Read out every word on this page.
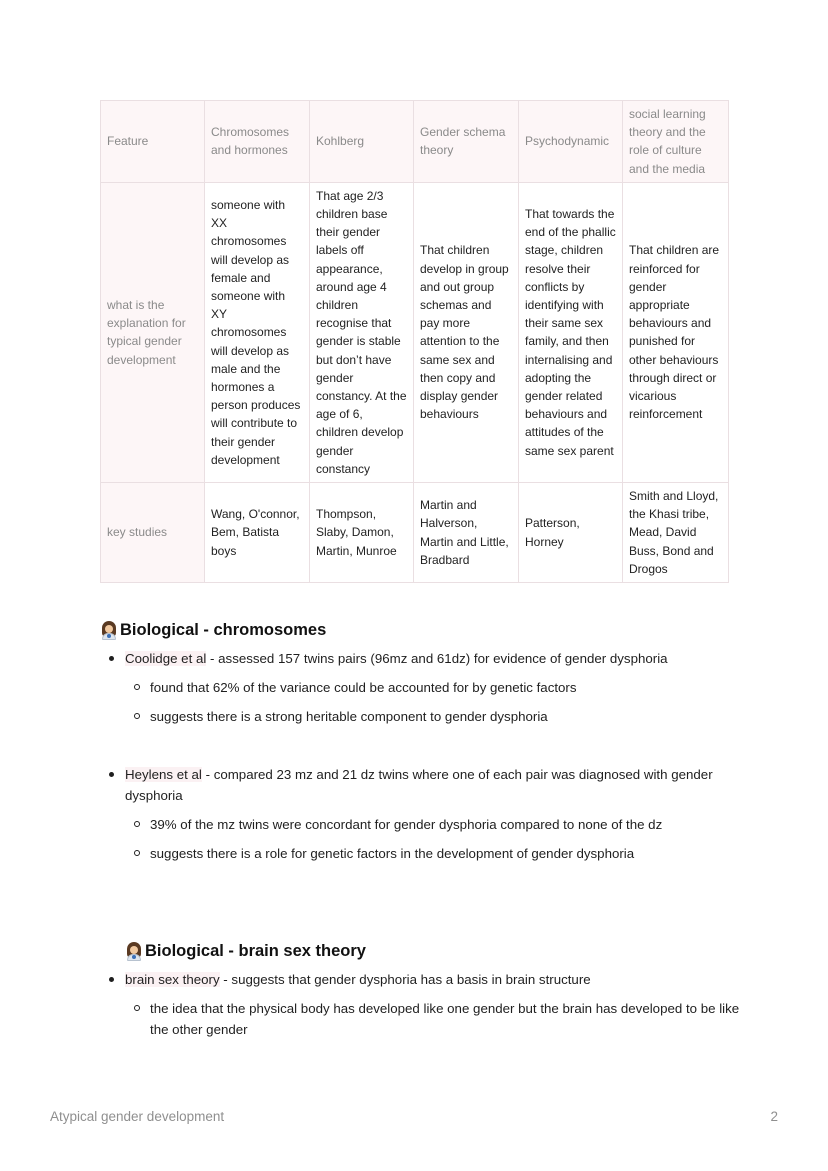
Feature	Chromosomes and hormones	Kohlberg	Gender schema theory	Psychodynamic	social learning theory and the role of culture and the media
what is the explanation for typical gender development	someone with XX chromosomes will develop as female and someone with XY chromosomes will develop as male and the hormones a person produces will contribute to their gender development	That age 2/3 children base their gender labels off appearance, around age 4 children recognise that gender is stable but don’t have gender constancy. At the age of 6, children develop gender constancy	That children develop in group and out group schemas and pay more attention to the same sex and then copy and display gender behaviours	That towards the end of the phallic stage, children resolve their conflicts by identifying with their same sex family, and then internalising and adopting the gender related behaviours and attitudes of the same sex parent	That children are reinforced for gender appropriate behaviours and punished for other behaviours through direct or vicarious reinforcement
key studies	Wang, O'connor, Bem, Batista boys	Thompson, Slaby, Damon, Martin, Munroe	Martin and Halverson, Martin and Little, Bradbard	Patterson, Horney	Smith and Lloyd, the Khasi tribe, Mead, David Buss, Bond and Drogos
Biological - chromosomes
Coolidge et al - assessed 157 twins pairs (96mz and 61dz) for evidence of gender dysphoria
found that 62% of the variance could be accounted for by genetic factors
suggests there is a strong heritable component to gender dysphoria
Heylens et al - compared 23 mz and 21 dz twins where one of each pair was diagnosed with gender dysphoria
39% of the mz twins were concordant for gender dysphoria compared to none of the dz
suggests there is a role for genetic factors in the development of gender dysphoria
Biological - brain sex theory
brain sex theory - suggests that gender dysphoria has a basis in brain structure
the idea that the physical body has developed like one gender but the brain has developed to be like the other gender
Atypical gender development	2
